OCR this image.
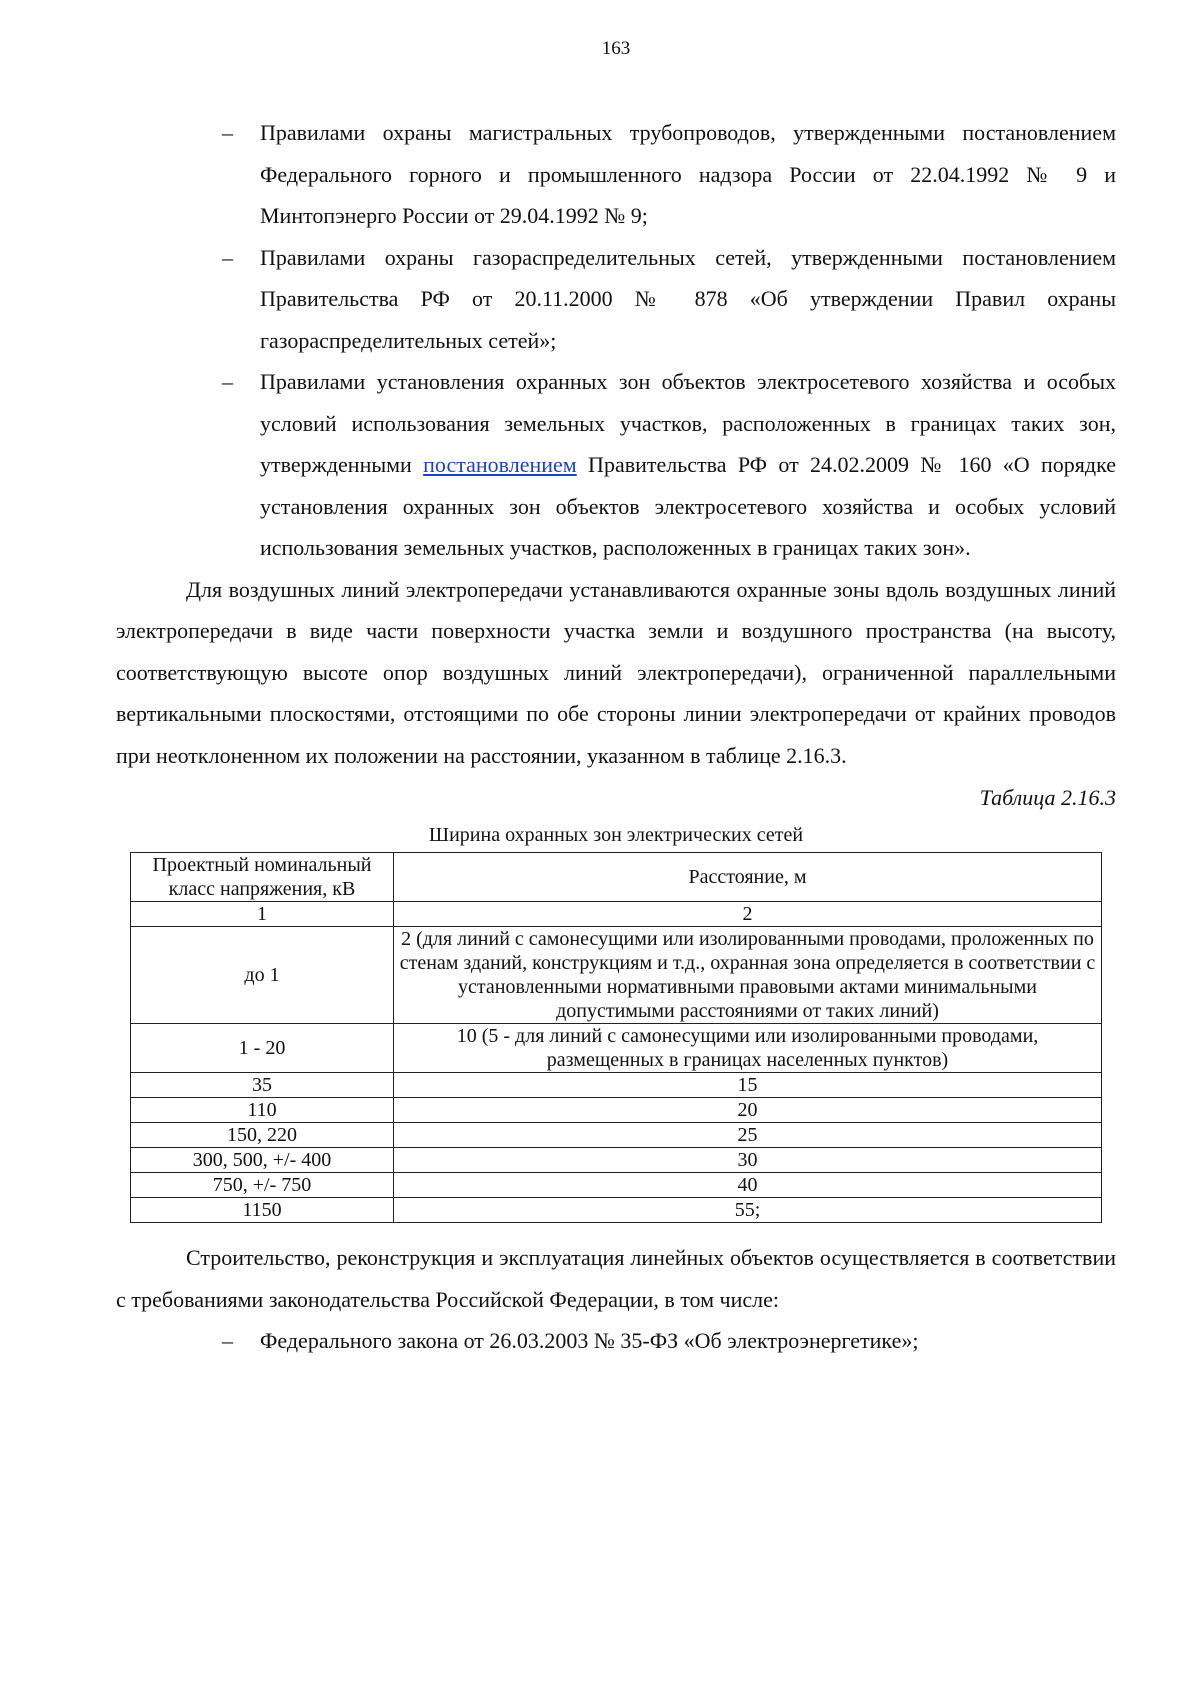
163
– Правилами охраны магистральных трубопроводов, утвержденными постановлением Федерального горного и промышленного надзора России от 22.04.1992 № 9 и Минтопэнерго России от 29.04.1992 № 9;
– Правилами охраны газораспределительных сетей, утвержденными постановлением Правительства РФ от 20.11.2000 № 878 «Об утверждении Правил охраны газораспределительных сетей»;
– Правилами установления охранных зон объектов электросетевого хозяйства и особых условий использования земельных участков, расположенных в границах таких зон, утвержденными постановлением Правительства РФ от 24.02.2009 № 160 «О порядке установления охранных зон объектов электросетевого хозяйства и особых условий использования земельных участков, расположенных в границах таких зон».
Для воздушных линий электропередачи устанавливаются охранные зоны вдоль воздушных линий электропередачи в виде части поверхности участка земли и воздушного пространства (на высоту, соответствующую высоте опор воздушных линий электропередачи), ограниченной параллельными вертикальными плоскостями, отстоящими по обе стороны линии электропередачи от крайних проводов при неотклоненном их положении на расстоянии, указанном в таблице 2.16.3.
Таблица 2.16.3
Ширина охранных зон электрических сетей
Проектный номинальный класс напряжения, кВ	Расстояние, м
1	2
до 1	2 (для линий с самонесущими или изолированными проводами, проложенных по стенам зданий, конструкциям и т.д., охранная зона определяется в соответствии с установленными нормативными правовыми актами минимальными допустимыми расстояниями от таких линий)
1 - 20	10 (5 - для линий с самонесущими или изолированными проводами, размещенных в границах населенных пунктов)
35	15
110	20
150, 220	25
300, 500, +/- 400	30
750, +/- 750	40
1150	55;
Строительство, реконструкция и эксплуатация линейных объектов осуществляется в соответствии с требованиями законодательства Российской Федерации, в том числе:
– Федерального закона от 26.03.2003 № 35-ФЗ «Об электроэнергетике»;
